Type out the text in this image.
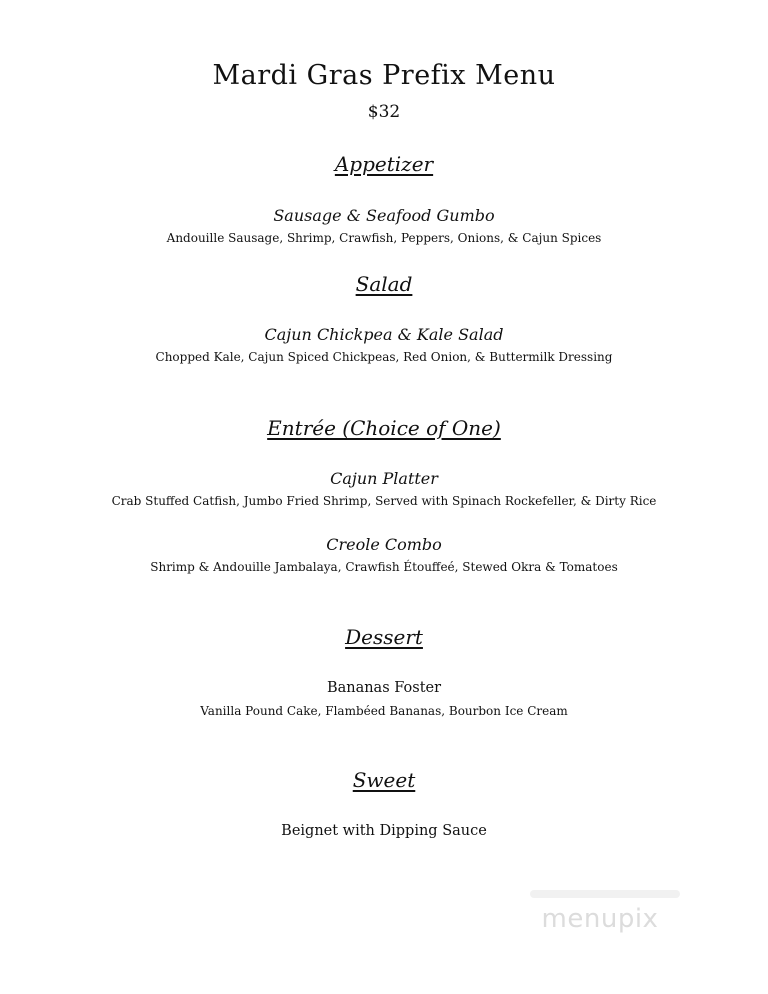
Mardi Gras Prefix Menu
$32
Appetizer
Sausage & Seafood Gumbo
Andouille Sausage, Shrimp, Crawfish, Peppers, Onions, & Cajun Spices
Salad
Cajun Chickpea & Kale Salad
Chopped Kale, Cajun Spiced Chickpeas, Red Onion, & Buttermilk Dressing
Entrée (Choice of One)
Cajun Platter
Crab Stuffed Catfish, Jumbo Fried Shrimp, Served with Spinach Rockefeller, & Dirty Rice
Creole Combo
Shrimp & Andouille Jambalaya, Crawfish Étouffeé, Stewed Okra & Tomatoes
Dessert
Bananas Foster
Vanilla Pound Cake, Flambéed Bananas, Bourbon Ice Cream
Sweet
Beignet with Dipping Sauce
menupix
